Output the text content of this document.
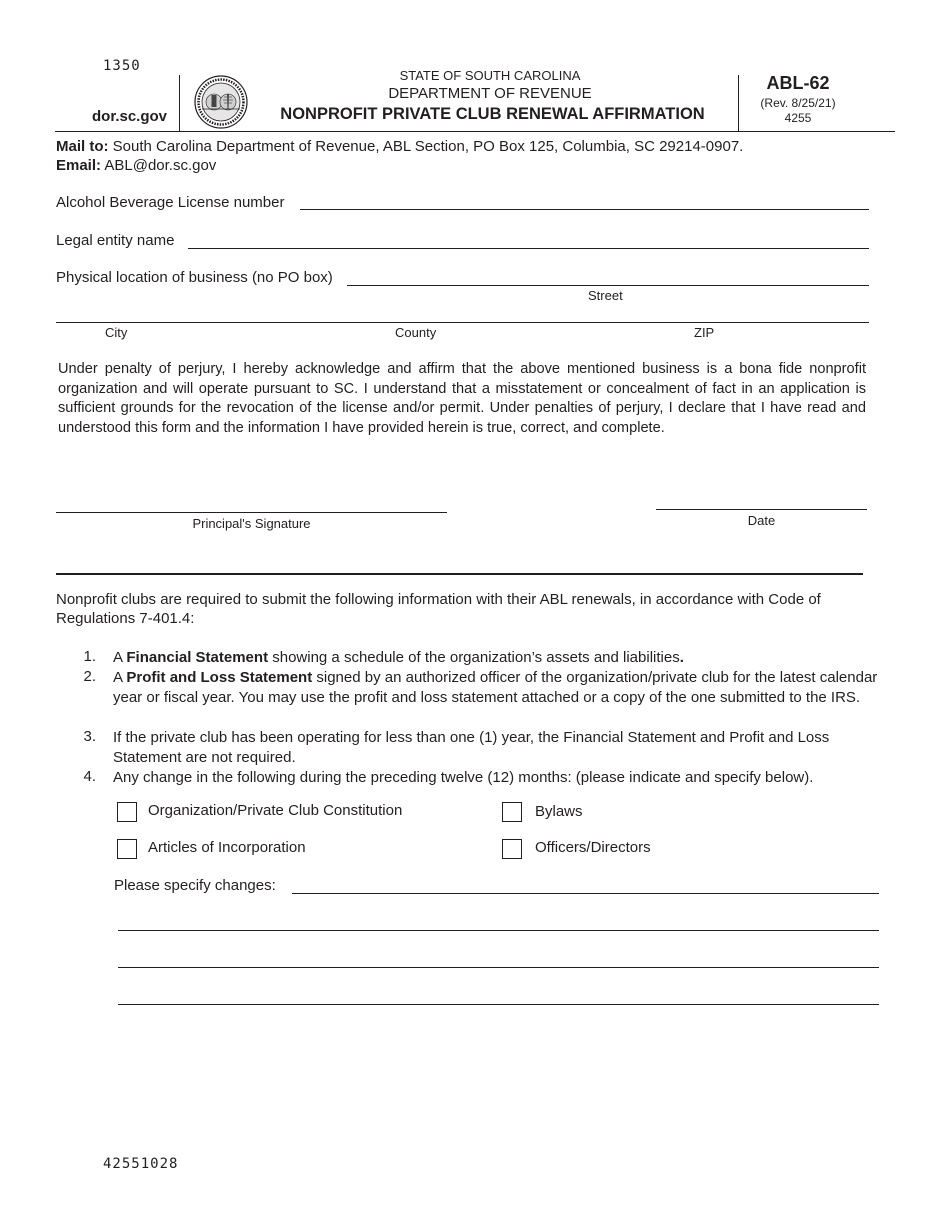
1350
dor.sc.gov
STATE OF SOUTH CAROLINA
DEPARTMENT OF REVENUE
NONPROFIT PRIVATE CLUB RENEWAL AFFIRMATION
ABL-62
(Rev. 8/25/21)
4255
Mail to: South Carolina Department of Revenue, ABL Section, PO Box 125, Columbia, SC 29214-0907.
Email: ABL@dor.sc.gov
Alcohol Beverage License number
Legal entity name
Physical location of business (no PO box)
Street
City	County	ZIP
Under penalty of perjury, I hereby acknowledge and affirm that the above mentioned business is a bona fide nonprofit organization and will operate pursuant to SC. I understand that a misstatement or concealment of fact in an application is sufficient grounds for the revocation of the license and/or permit. Under penalties of perjury, I declare that I have read and understood this form and the information I have provided herein is true, correct, and complete.
Principal's Signature	Date
Nonprofit clubs are required to submit the following information with their ABL renewals, in accordance with Code of Regulations 7-401.4:
1. A Financial Statement showing a schedule of the organization’s assets and liabilities.
2. A Profit and Loss Statement signed by an authorized officer of the organization/private club for the latest calendar year or fiscal year. You may use the profit and loss statement attached or a copy of the one submitted to the IRS.
3. If the private club has been operating for less than one (1) year, the Financial Statement and Profit and Loss Statement are not required.
4. Any change in the following during the preceding twelve (12) months: (please indicate and specify below).
Organization/Private Club Constitution	Bylaws
Articles of Incorporation	Officers/Directors
Please specify changes:
42551028
